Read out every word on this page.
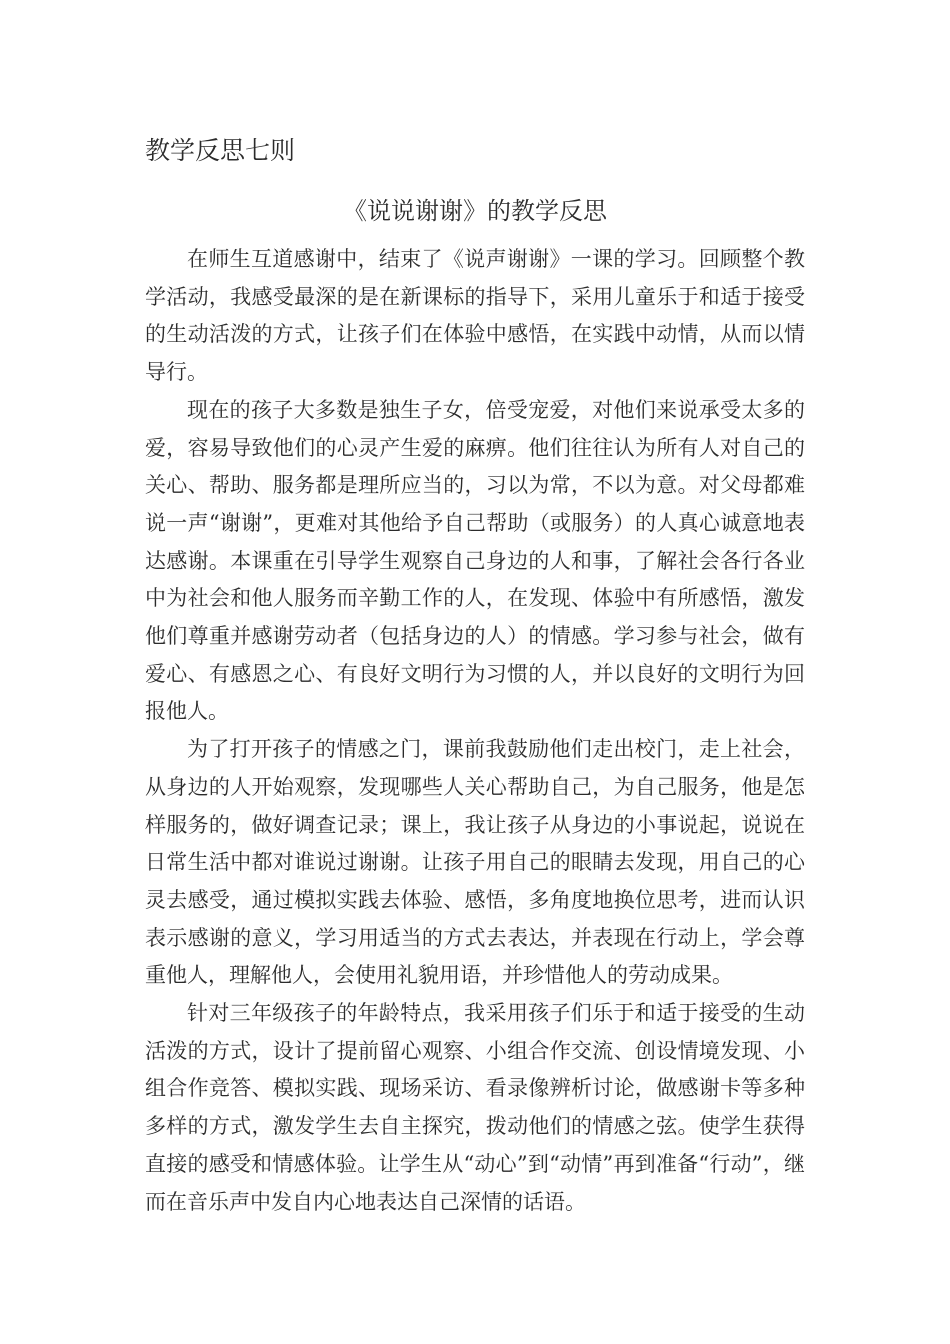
教学反思七则
《说说谢谢》的教学反思

在师生互道感谢中，结束了《说声谢谢》一课的学习。回顾整个教学活动，我感受最深的是在新课标的指导下，采用儿童乐于和适于接受的生动活泼的方式，让孩子们在体验中感悟，在实践中动情，从而以情导行。

现在的孩子大多数是独生子女，倍受宠爱，对他们来说承受太多的爱，容易导致他们的心灵产生爱的麻痹。他们往往认为所有人对自己的关心、帮助、服务都是理所应当的，习以为常，不以为意。对父母都难说一声“谢谢”，更难对其他给予自己帮助（或服务）的人真心诚意地表达感谢。本课重在引导学生观察自己身边的人和事，了解社会各行各业中为社会和他人服务而辛勤工作的人，在发现、体验中有所感悟，激发他们尊重并感谢劳动者（包括身边的人）的情感。学习参与社会，做有爱心、有感恩之心、有良好文明行为习惯的人，并以良好的文明行为回报他人。

为了打开孩子的情感之门，课前我鼓励他们走出校门，走上社会，从身边的人开始观察，发现哪些人关心帮助自己，为自己服务，他是怎样服务的，做好调查记录；课上，我让孩子从身边的小事说起，说说在日常生活中都对谁说过谢谢。让孩子用自己的眼睛去发现，用自己的心灵去感受，通过模拟实践去体验、感悟，多角度地换位思考，进而认识表示感谢的意义，学习用适当的方式去表达，并表现在行动上，学会尊重他人，理解他人，会使用礼貌用语，并珍惜他人的劳动成果。

针对三年级孩子的年龄特点，我采用孩子们乐于和适于接受的生动活泼的方式，设计了提前留心观察、小组合作交流、创设情境发现、小组合作竞答、模拟实践、现场采访、看录像辨析讨论，做感谢卡等多种多样的方式，激发学生去自主探究，拨动他们的情感之弦。使学生获得直接的感受和情感体验。让学生从“动心”到“动情”再到准备“行动”，继而在音乐声中发自内心地表达自己深情的话语。
